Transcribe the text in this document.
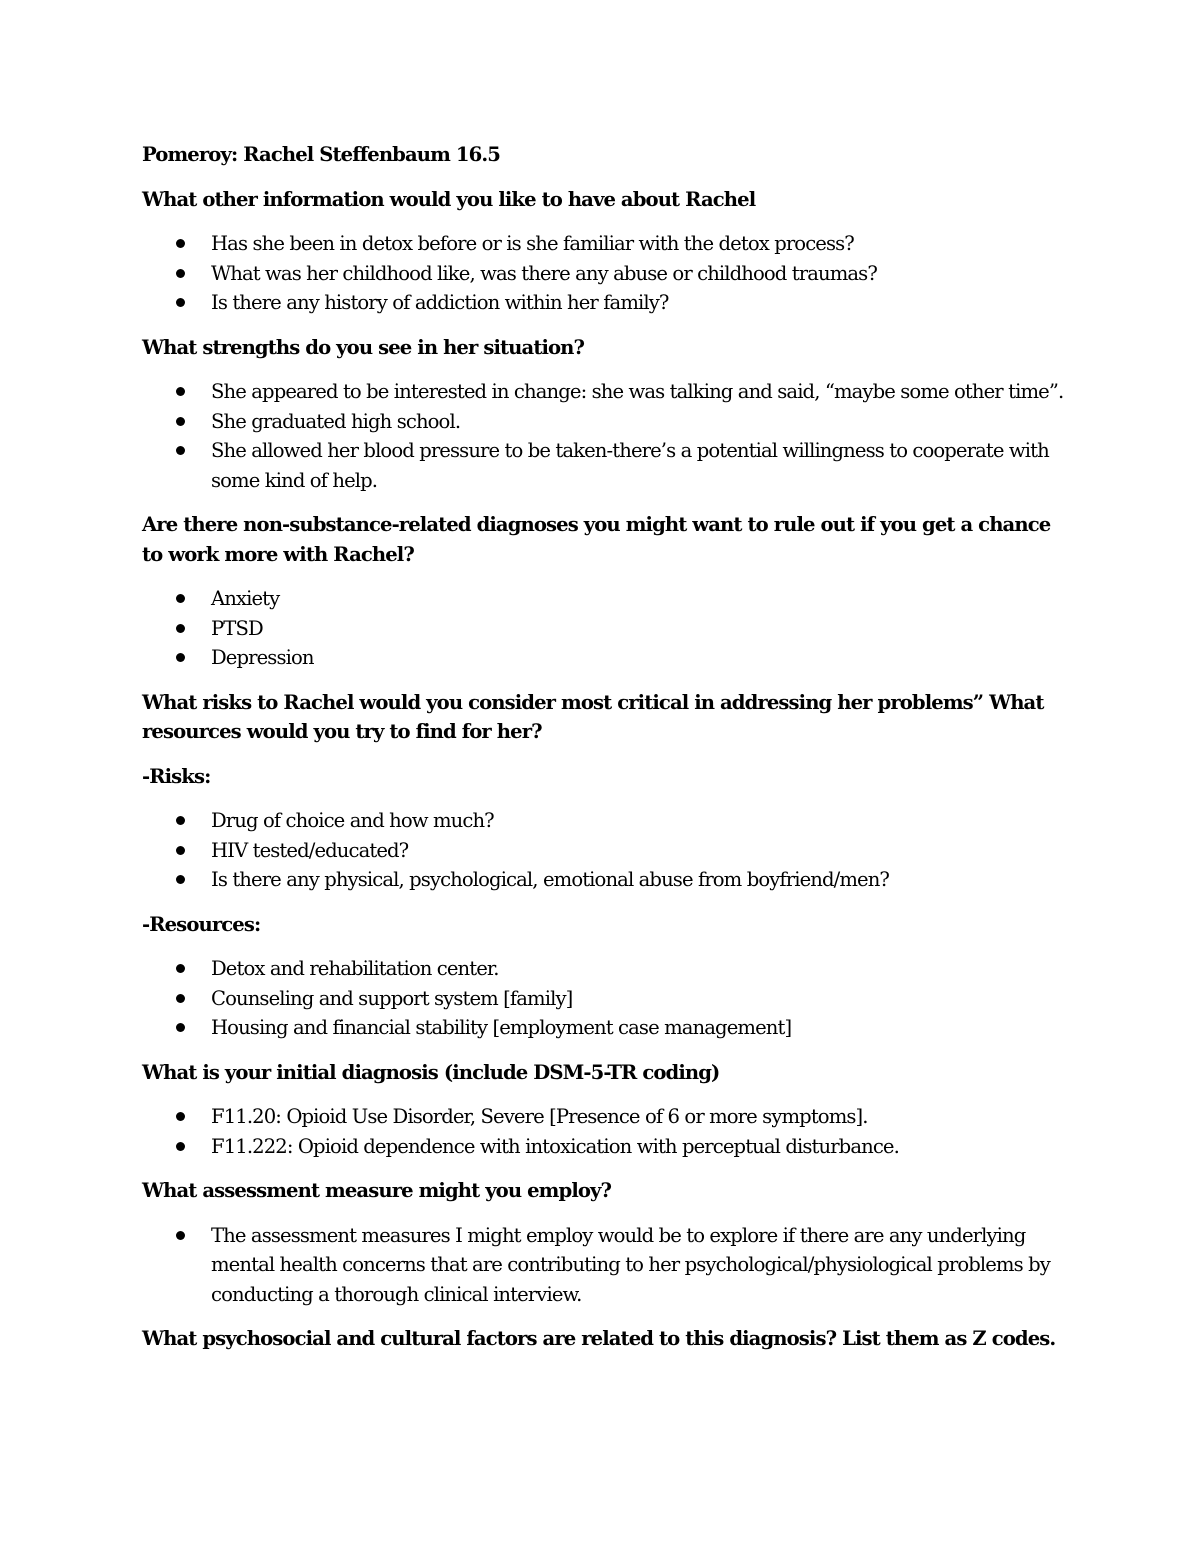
Pomeroy: Rachel Steffenbaum 16.5

What other information would you like to have about Rachel

Has she been in detox before or is she familiar with the detox process?
What was her childhood like, was there any abuse or childhood traumas?
Is there any history of addiction within her family?

What strengths do you see in her situation?

She appeared to be interested in change: she was talking and said, “maybe some other time”.
She graduated high school.
She allowed her blood pressure to be taken-there’s a potential willingness to cooperate with some kind of help.

Are there non-substance-related diagnoses you might want to rule out if you get a chance to work more with Rachel?

Anxiety
PTSD
Depression

What risks to Rachel would you consider most critical in addressing her problems” What resources would you try to find for her?

-Risks:

Drug of choice and how much?
HIV tested/educated?
Is there any physical, psychological, emotional abuse from boyfriend/men?

-Resources:

Detox and rehabilitation center.
Counseling and support system [family]
Housing and financial stability [employment case management]

What is your initial diagnosis (include DSM-5-TR coding)

F11.20: Opioid Use Disorder, Severe [Presence of 6 or more symptoms].
F11.222: Opioid dependence with intoxication with perceptual disturbance.

What assessment measure might you employ?

The assessment measures I might employ would be to explore if there are any underlying mental health concerns that are contributing to her psychological/physiological problems by conducting a thorough clinical interview.

What psychosocial and cultural factors are related to this diagnosis? List them as Z codes.
